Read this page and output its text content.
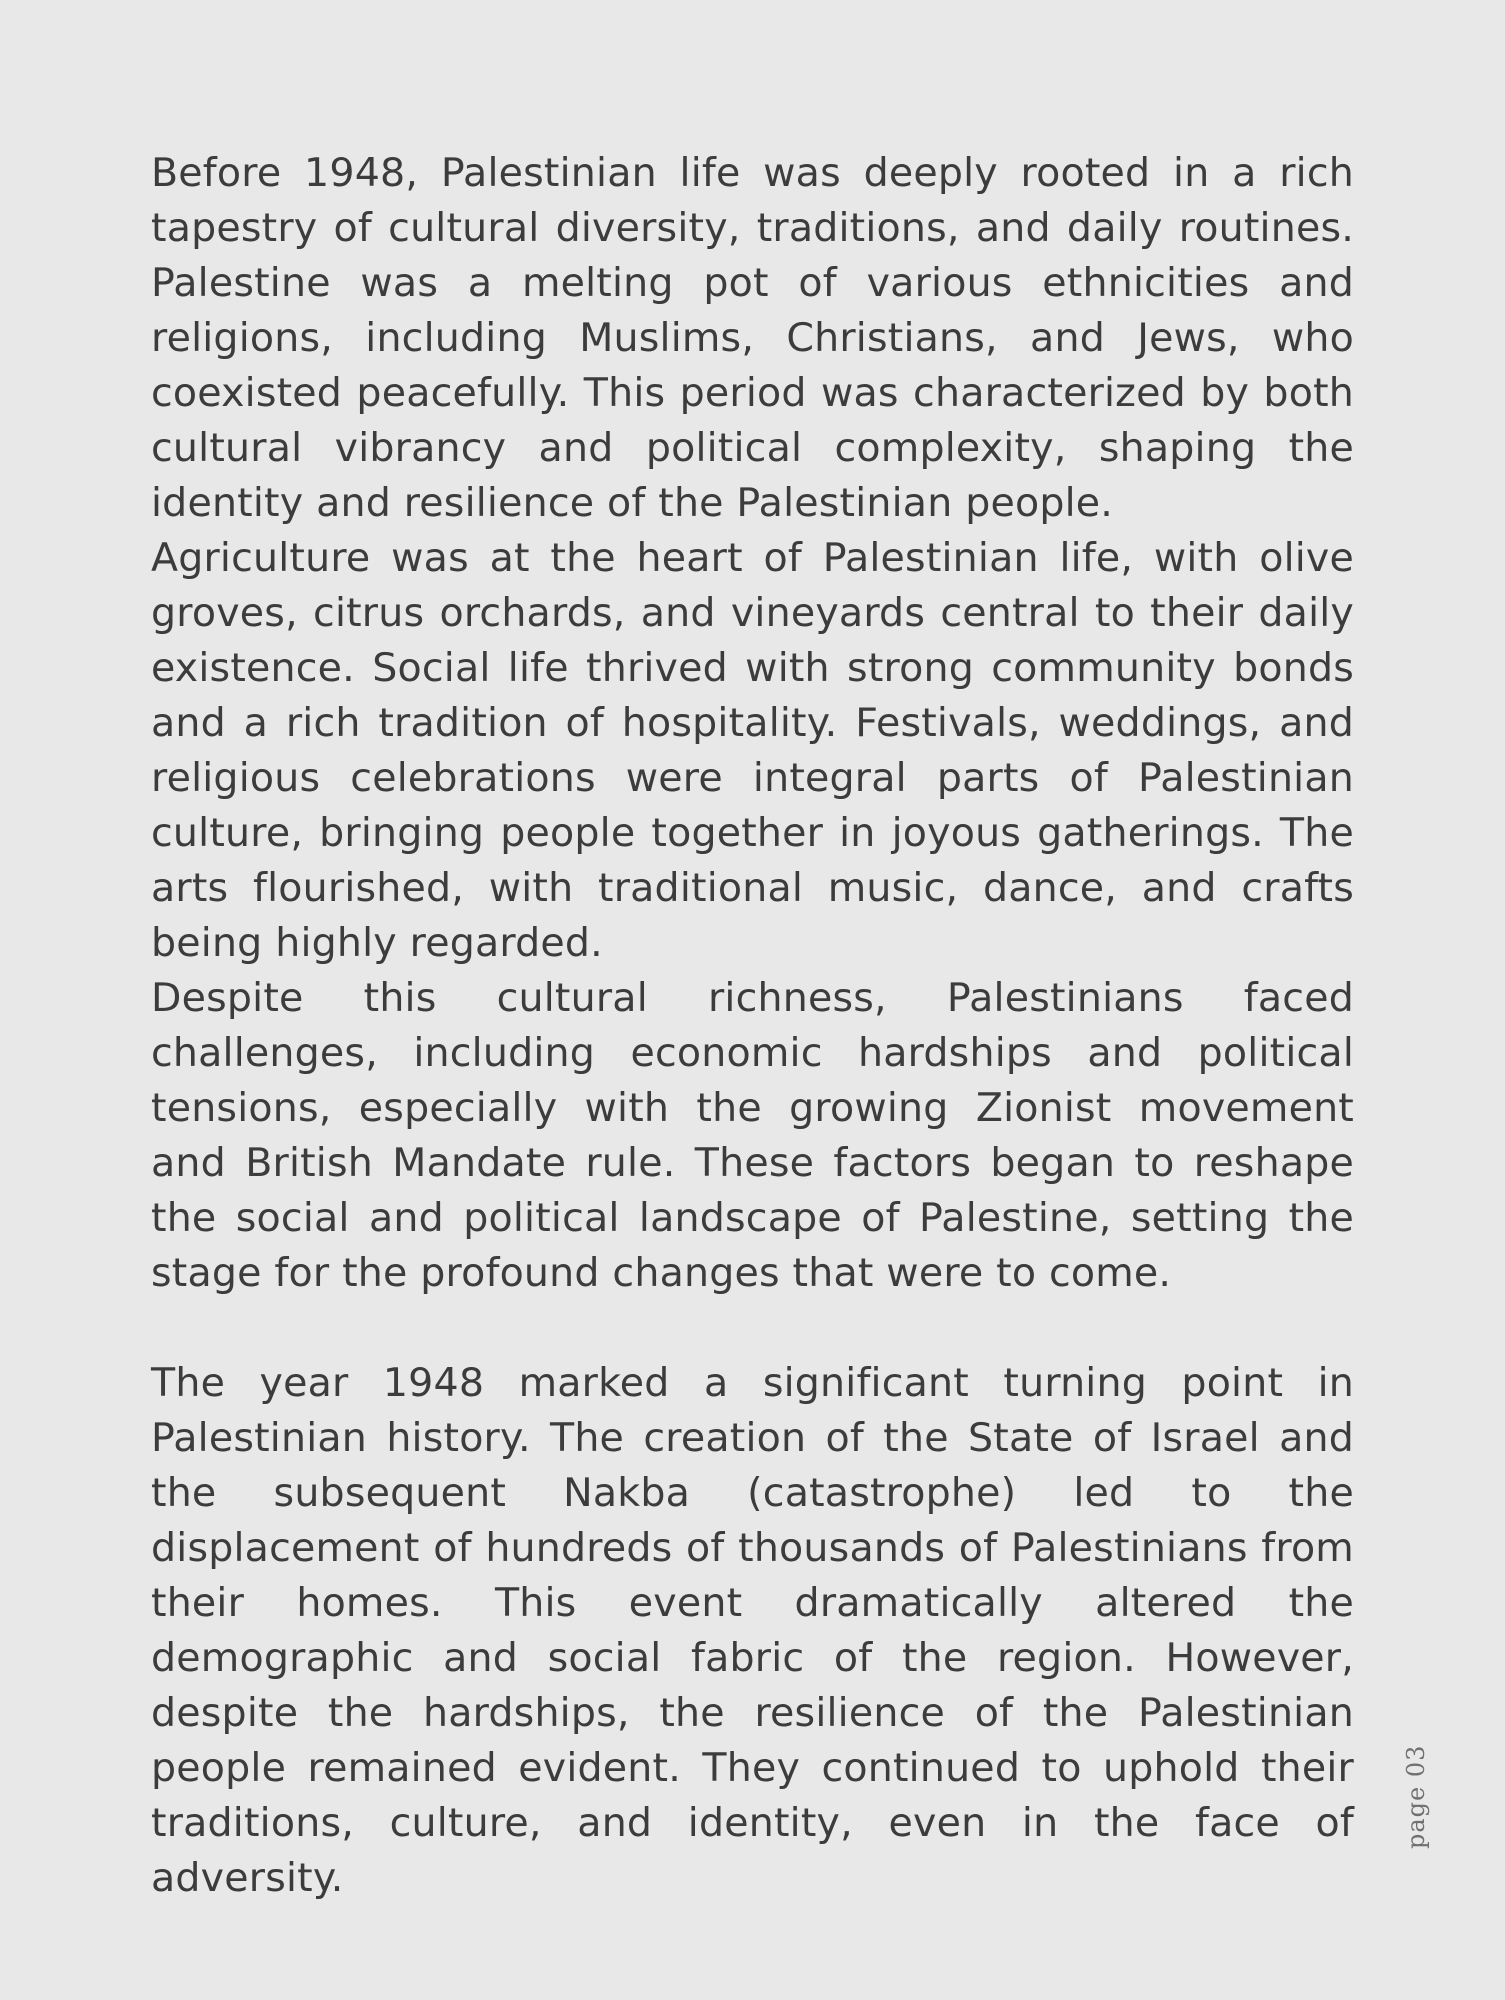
Before 1948, Palestinian life was deeply rooted in a rich tapestry of cultural diversity, traditions, and daily routines. Palestine was a melting pot of various ethnicities and religions, including Muslims, Christians, and Jews, who coexisted peacefully. This period was characterized by both cultural vibrancy and political complexity, shaping the identity and resilience of the Palestinian people.

Agriculture was at the heart of Palestinian life, with olive groves, citrus orchards, and vineyards central to their daily existence. Social life thrived with strong community bonds and a rich tradition of hospitality. Festivals, weddings, and religious celebrations were integral parts of Palestinian culture, bringing people together in joyous gatherings. The arts flourished, with traditional music, dance, and crafts being highly regarded.

Despite this cultural richness, Palestinians faced challenges, including economic hardships and political tensions, especially with the growing Zionist movement and British Mandate rule. These factors began to reshape the social and political landscape of Palestine, setting the stage for the profound changes that were to come.

The year 1948 marked a significant turning point in Palestinian history. The creation of the State of Israel and the subsequent Nakba (catastrophe) led to the displacement of hundreds of thousands of Palestinians from their homes. This event dramatically altered the demographic and social fabric of the region. However, despite the hardships, the resilience of the Palestinian people remained evident. They continued to uphold their traditions, culture, and identity, even in the face of adversity.

page 03
